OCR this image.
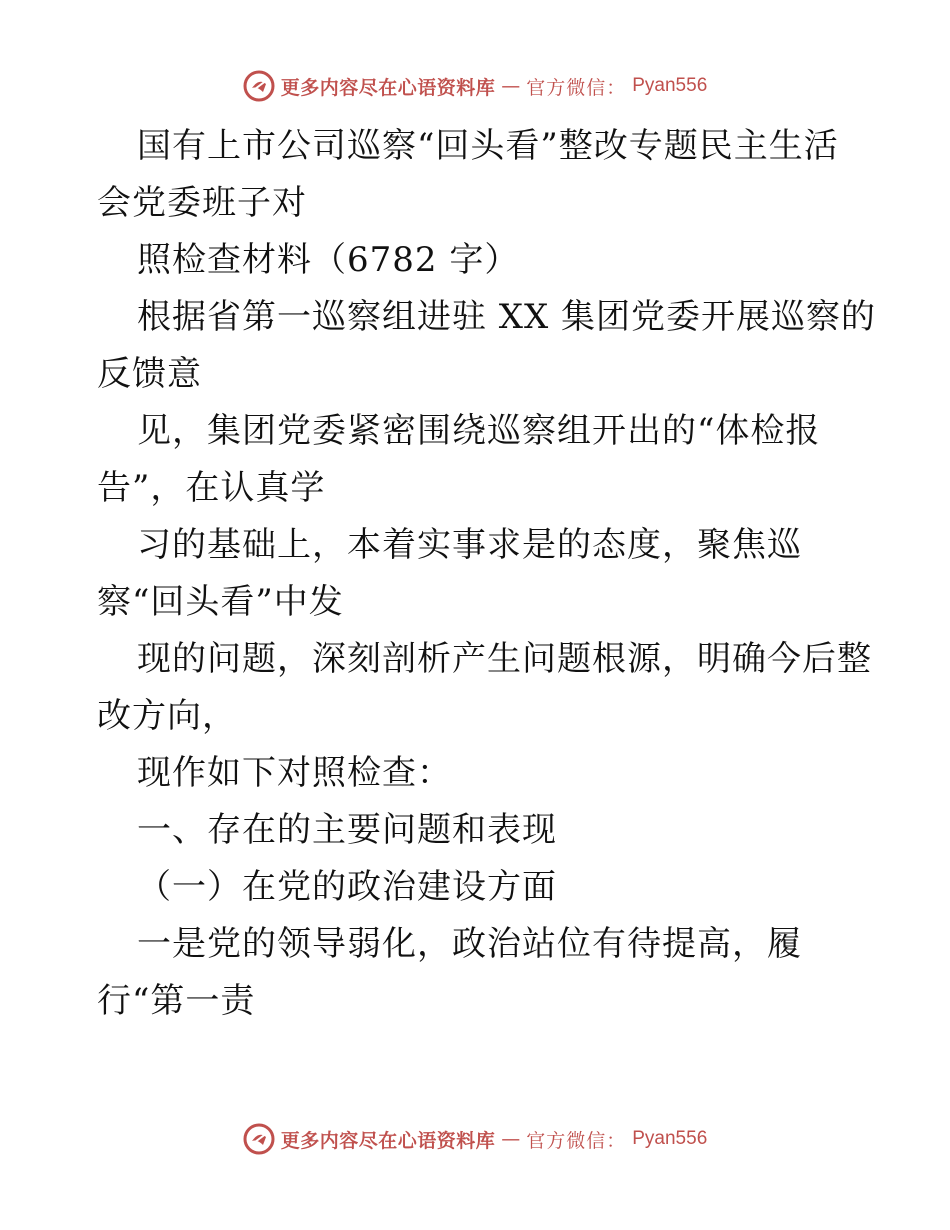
更多内容尽在心语资料库 — 官方微信： Pyan556
国有上市公司巡察“回头看”整改专题民主生活
会党委班子对
照检查材料（6782 字）
根据省第一巡察组进驻 XX 集团党委开展巡察的
反馈意
见，集团党委紧密围绕巡察组开出的“体检报
告”，在认真学
习的基础上，本着实事求是的态度，聚焦巡
察“回头看”中发
现的问题，深刻剖析产生问题根源，明确今后整
改方向，
现作如下对照检查：
一、存在的主要问题和表现
（一）在党的政治建设方面
一是党的领导弱化，政治站位有待提高，履
行“第一责
更多内容尽在心语资料库 — 官方微信： Pyan556
